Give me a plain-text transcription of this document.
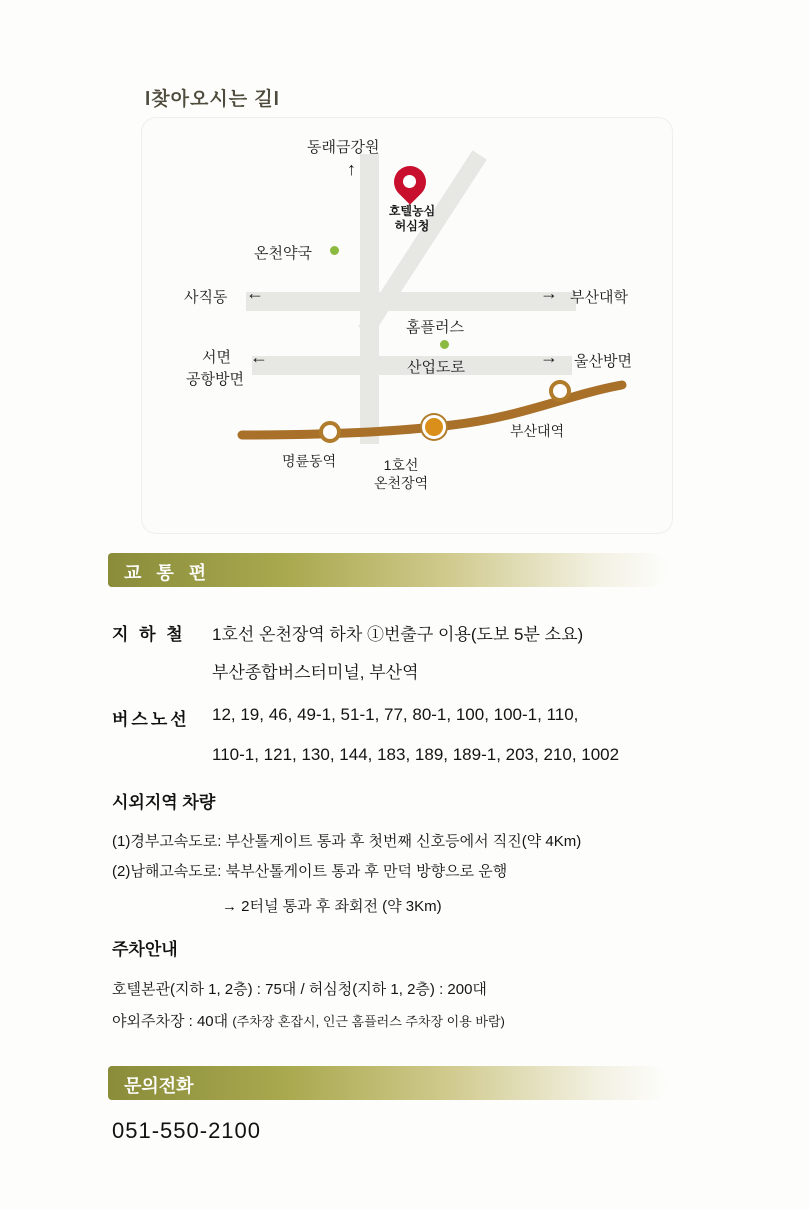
l찾아오시는 길l
동래금강원
↑
호텔농심
허심청
온천약국
사직동 ←	→ 부산대학
홈플러스
서면
공항방면
←
산업도로
→ 울산방면
명륜동역	1호선
온천장역
부산대역
교 통 편
지 하 철 1호선 온천장역 하차 ①번출구 이용(도보 5분 소요)
부산종합버스터미널, 부산역
버스노선 12, 19, 46, 49-1, 51-1, 77, 80-1, 100, 100-1, 110,
110-1, 121, 130, 144, 183, 189, 189-1, 203, 210, 1002
시외지역 차량
(1)경부고속도로: 부산톨게이트 통과 후 첫번째 신호등에서 직진(약 4Km)
(2)남해고속도로: 북부산톨게이트 통과 후 만덕 방향으로 운행
→ 2터널 통과 후 좌회전 (약 3Km)
주차안내
호텔본관(지하 1, 2층) : 75대 / 허심청(지하 1, 2층) : 200대
야외주차장 : 40대 (주차장 혼잡시, 인근 홈플러스 주차장 이용 바람)
문의전화
051-550-2100
